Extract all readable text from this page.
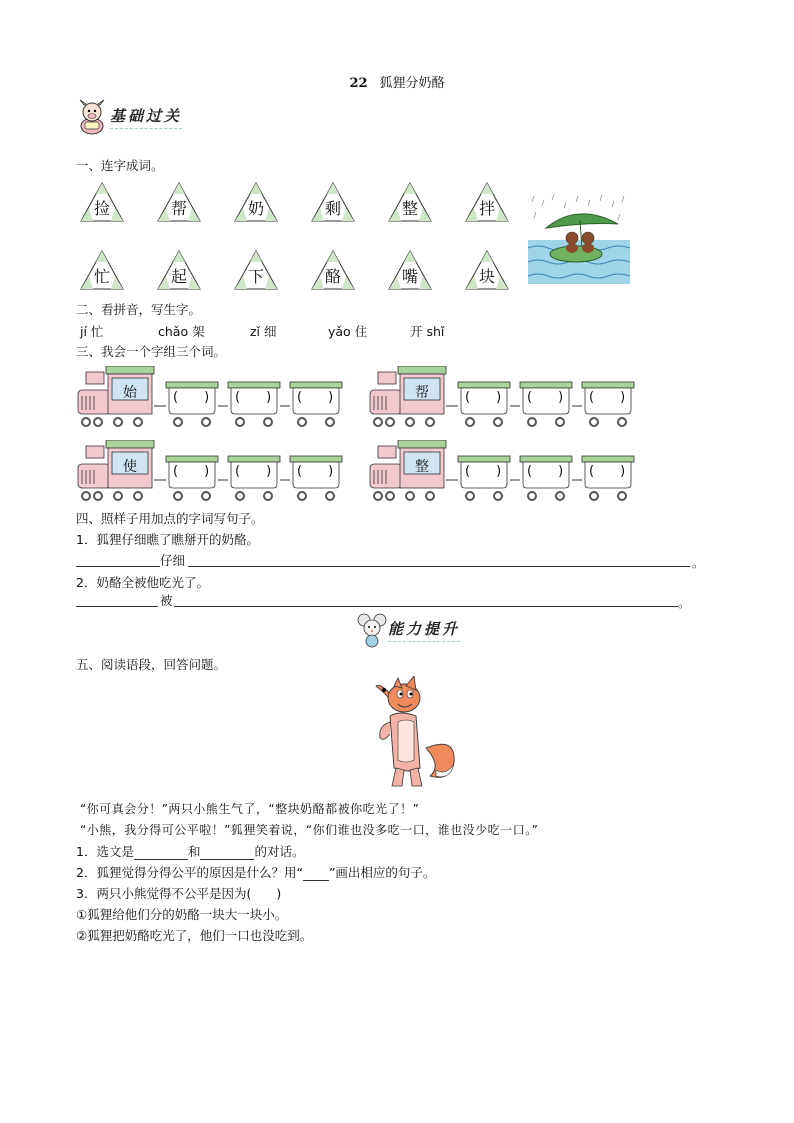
22 狐狸分奶酪
基础过关
一、连字成词。
捡	帮	奶	剩	整	拌
忙	起	下	酪	嘴	块
二、看拼音，写生字。
jí 忙	chǎo 架	zǐ 细	yǎo 住	开 shǐ
三、我会一个字组三个词。
始	( )	( )	( )	帮	( )	( )	( )
使	( )	( )	( )	整	( )	( )	( )
四、照样子用加点的字词写句子。
1．狐狸仔细瞧了瞧掰开的奶酪。
仔细	。
2．奶酪全被他吃光了。
被	。
能力提升
五、阅读语段，回答问题。
“你可真会分！”两只小熊生气了，“整块奶酪都被你吃光了！”
“小熊，我分得可公平啦！”狐狸笑着说，“你们谁也没多吃一口，谁也没少吃一口。”
1．选文是	和	的对话。
2．狐狸觉得分得公平的原因是什么？用“ ”画出相应的句子。
3．两只小熊觉得不公平是因为(　　)
①狐狸给他们分的奶酪一块大一块小。
②狐狸把奶酪吃光了，他们一口也没吃到。
